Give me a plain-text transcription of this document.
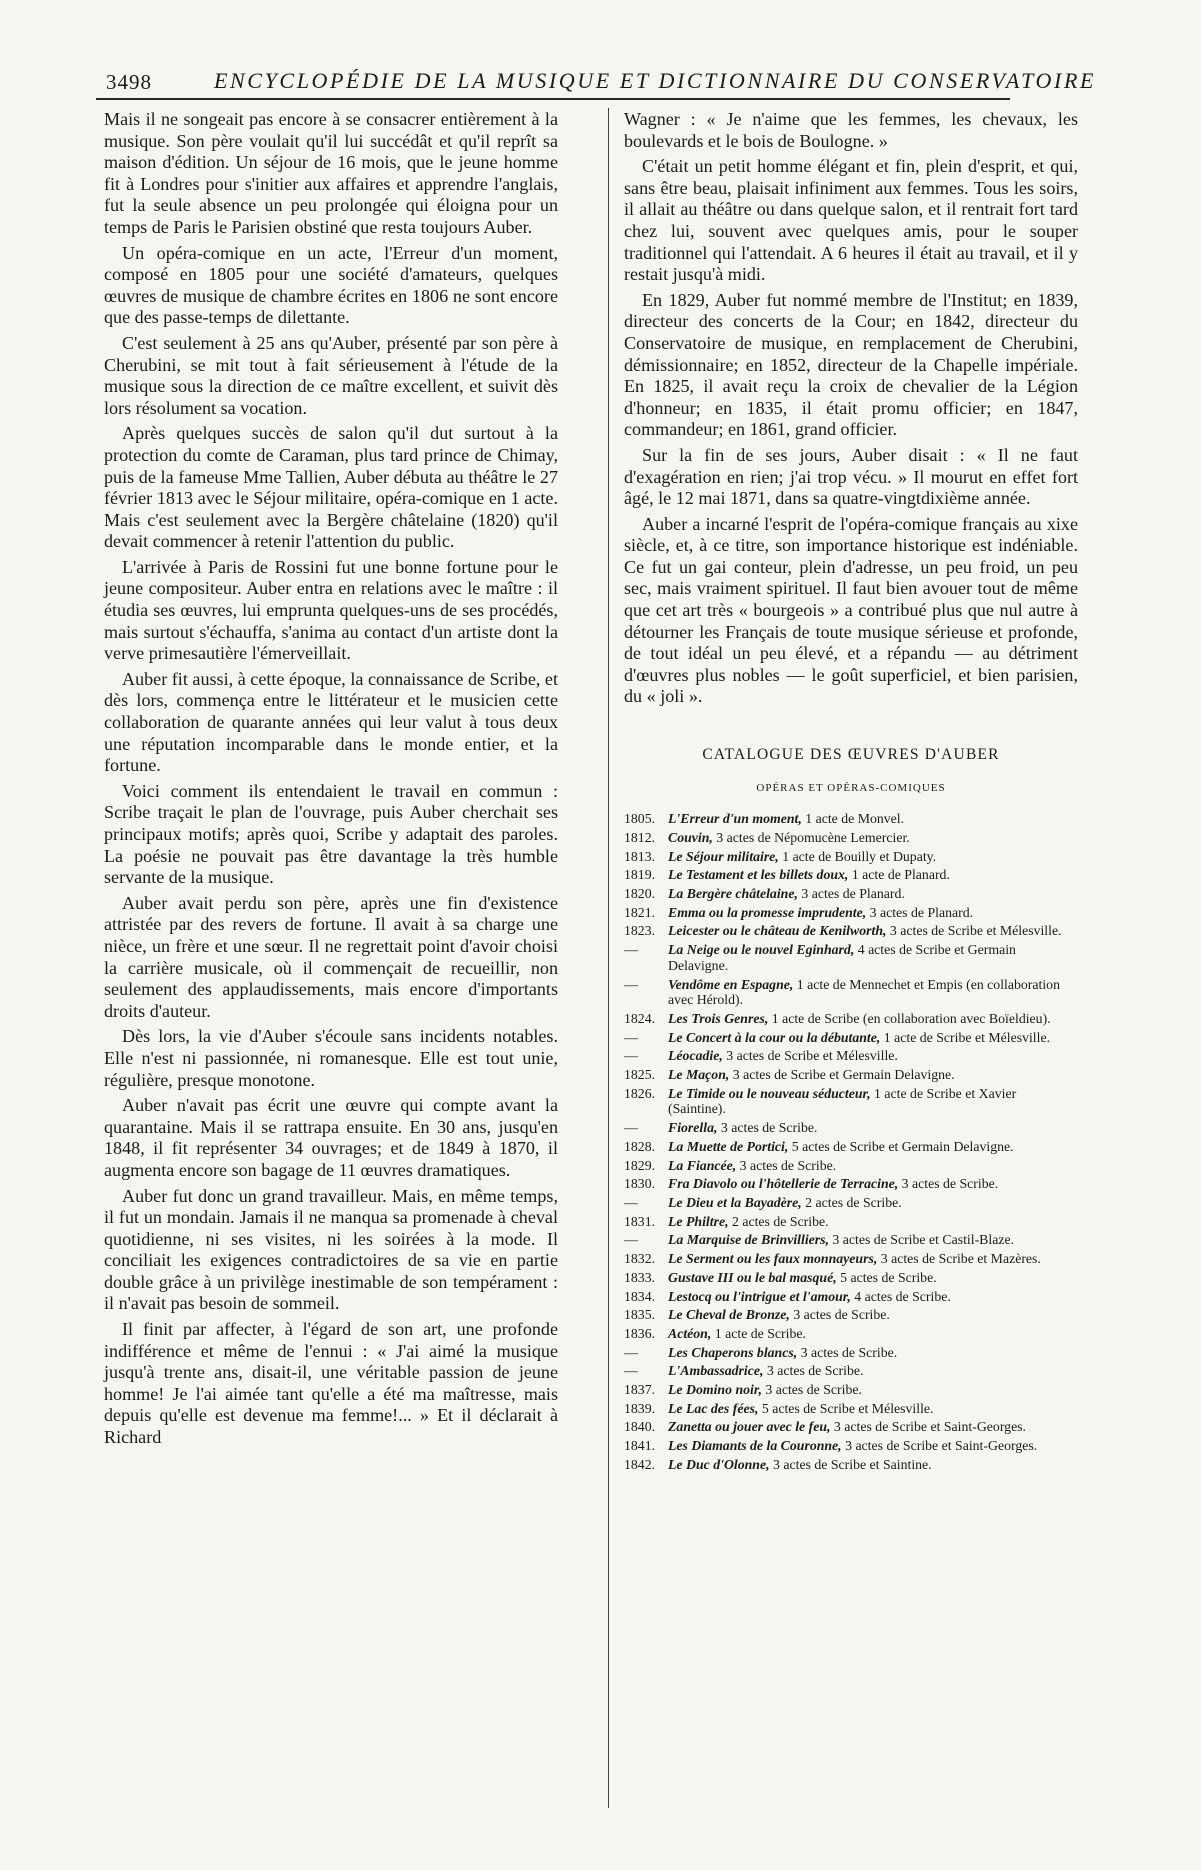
3498	ENCYCLOPÉDIE DE LA MUSIQUE ET DICTIONNAIRE DU CONSERVATOIRE

Mais il ne songeait pas encore à se consacrer entièrement à la musique. Son père voulait qu'il lui succédât et qu'il reprît sa maison d'édition. Un séjour de 16 mois, que le jeune homme fit à Londres pour s'initier aux affaires et apprendre l'anglais, fut la seule absence un peu prolongée qui éloigna pour un temps de Paris le Parisien obstiné que resta toujours Auber.

Un opéra-comique en un acte, l'Erreur d'un moment, composé en 1805 pour une société d'amateurs, quelques œuvres de musique de chambre écrites en 1806 ne sont encore que des passe-temps de dilettante.

C'est seulement à 25 ans qu'Auber, présenté par son père à Cherubini, se mit tout à fait sérieusement à l'étude de la musique sous la direction de ce maître excellent, et suivit dès lors résolument sa vocation.

Après quelques succès de salon qu'il dut surtout à la protection du comte de Caraman, plus tard prince de Chimay, puis de la fameuse Mme Tallien, Auber débuta au théâtre le 27 février 1813 avec le Séjour militaire, opéra-comique en 1 acte. Mais c'est seulement avec la Bergère châtelaine (1820) qu'il devait commencer à retenir l'attention du public.

L'arrivée à Paris de Rossini fut une bonne fortune pour le jeune compositeur. Auber entra en relations avec le maître : il étudia ses œuvres, lui emprunta quelques-uns de ses procédés, mais surtout s'échauffa, s'anima au contact d'un artiste dont la verve primesautière l'émerveillait.

Auber fit aussi, à cette époque, la connaissance de Scribe, et dès lors, commença entre le littérateur et le musicien cette collaboration de quarante années qui leur valut à tous deux une réputation incomparable dans le monde entier, et la fortune.

Voici comment ils entendaient le travail en commun : Scribe traçait le plan de l'ouvrage, puis Auber cherchait ses principaux motifs; après quoi, Scribe y adaptait des paroles. La poésie ne pouvait pas être davantage la très humble servante de la musique.

Auber avait perdu son père, après une fin d'existence attristée par des revers de fortune. Il avait à sa charge une nièce, un frère et une sœur. Il ne regrettait point d'avoir choisi la carrière musicale, où il commençait de recueillir, non seulement des applaudissements, mais encore d'importants droits d'auteur.

Dès lors, la vie d'Auber s'écoule sans incidents notables. Elle n'est ni passionnée, ni romanesque. Elle est tout unie, régulière, presque monotone.

Auber n'avait pas écrit une œuvre qui compte avant la quarantaine. Mais il se rattrapa ensuite. En 30 ans, jusqu'en 1848, il fit représenter 34 ouvrages; et de 1849 à 1870, il augmenta encore son bagage de 11 œuvres dramatiques.

Auber fut donc un grand travailleur. Mais, en même temps, il fut un mondain. Jamais il ne manqua sa promenade à cheval quotidienne, ni ses visites, ni les soirées à la mode. Il conciliait les exigences contradictoires de sa vie en partie double grâce à un privilège inestimable de son tempérament : il n'avait pas besoin de sommeil.

Il finit par affecter, à l'égard de son art, une profonde indifférence et même de l'ennui : « J'ai aimé la musique jusqu'à trente ans, disait-il, une véritable passion de jeune homme! Je l'ai aimée tant qu'elle a été ma maîtresse, mais depuis qu'elle est devenue ma femme!... » Et il déclarait à Richard

Wagner : « Je n'aime que les femmes, les chevaux, les boulevards et le bois de Boulogne. »

C'était un petit homme élégant et fin, plein d'esprit, et qui, sans être beau, plaisait infiniment aux femmes. Tous les soirs, il allait au théâtre ou dans quelque salon, et il rentrait fort tard chez lui, souvent avec quelques amis, pour le souper traditionnel qui l'attendait. A 6 heures il était au travail, et il y restait jusqu'à midi.

En 1829, Auber fut nommé membre de l'Institut; en 1839, directeur des concerts de la Cour; en 1842, directeur du Conservatoire de musique, en remplacement de Cherubini, démissionnaire; en 1852, directeur de la Chapelle impériale. En 1825, il avait reçu la croix de chevalier de la Légion d'honneur; en 1835, il était promu officier; en 1847, commandeur; en 1861, grand officier.

Sur la fin de ses jours, Auber disait : « Il ne faut d'exagération en rien; j'ai trop vécu. » Il mourut en effet fort âgé, le 12 mai 1871, dans sa quatre-vingtdixième année.

Auber a incarné l'esprit de l'opéra-comique français au xixe siècle, et, à ce titre, son importance historique est indéniable. Ce fut un gai conteur, plein d'adresse, un peu froid, un peu sec, mais vraiment spirituel. Il faut bien avouer tout de même que cet art très « bourgeois » a contribué plus que nul autre à détourner les Français de toute musique sérieuse et profonde, de tout idéal un peu élevé, et a répandu — au détriment d'œuvres plus nobles — le goût superficiel, et bien parisien, du « joli ».

CATALOGUE DES ŒUVRES D'AUBER
OPÉRAS ET OPÉRAS-COMIQUES
1805. L'Erreur d'un moment, 1 acte de Monvel.
1812. Couvin, 3 actes de Népomucène Lemercier.
1813. Le Séjour militaire, 1 acte de Bouilly et Dupaty.
1819. Le Testament et les billets doux, 1 acte de Planard.
1820. La Bergère châtelaine, 3 actes de Planard.
1821. Emma ou la promesse imprudente, 3 actes de Planard.
1823. Leicester ou le château de Kenilworth, 3 actes de Scribe et Mélesville.
—	La Neige ou le nouvel Eginhard, 4 actes de Scribe et Germain Delavigne.
—	Vendôme en Espagne, 1 acte de Mennechet et Empis (en collaboration avec Hérold).
1824. Les Trois Genres, 1 acte de Scribe (en collaboration avec Boïeldieu).
—	Le Concert à la cour ou la débutante, 1 acte de Scribe et Mélesville.
—	Léocadie, 3 actes de Scribe et Mélesville.
1825. Le Maçon, 3 actes de Scribe et Germain Delavigne.
1826. Le Timide ou le nouveau séducteur, 1 acte de Scribe et Xavier (Saintine).
—	Fiorella, 3 actes de Scribe.
1828. La Muette de Portici, 5 actes de Scribe et Germain Delavigne.
1829. La Fiancée, 3 actes de Scribe.
1830. Fra Diavolo ou l'hôtellerie de Terracine, 3 actes de Scribe.
—	Le Dieu et la Bayadère, 2 actes de Scribe.
1831. Le Philtre, 2 actes de Scribe.
—	La Marquise de Brinvilliers, 3 actes de Scribe et Castil-Blaze.
1832. Le Serment ou les faux monnayeurs, 3 actes de Scribe et Mazères.
1833. Gustave III ou le bal masqué, 5 actes de Scribe.
1834. Lestocq ou l'intrigue et l'amour, 4 actes de Scribe.
1835. Le Cheval de Bronze, 3 actes de Scribe.
1836. Actéon, 1 acte de Scribe.
—	Les Chaperons blancs, 3 actes de Scribe.
—	L'Ambassadrice, 3 actes de Scribe.
1837. Le Domino noir, 3 actes de Scribe.
1839. Le Lac des fées, 5 actes de Scribe et Mélesville.
1840. Zanetta ou jouer avec le feu, 3 actes de Scribe et Saint-Georges.
1841. Les Diamants de la Couronne, 3 actes de Scribe et Saint-Georges.
1842. Le Duc d'Olonne, 3 actes de Scribe et Saintine.
